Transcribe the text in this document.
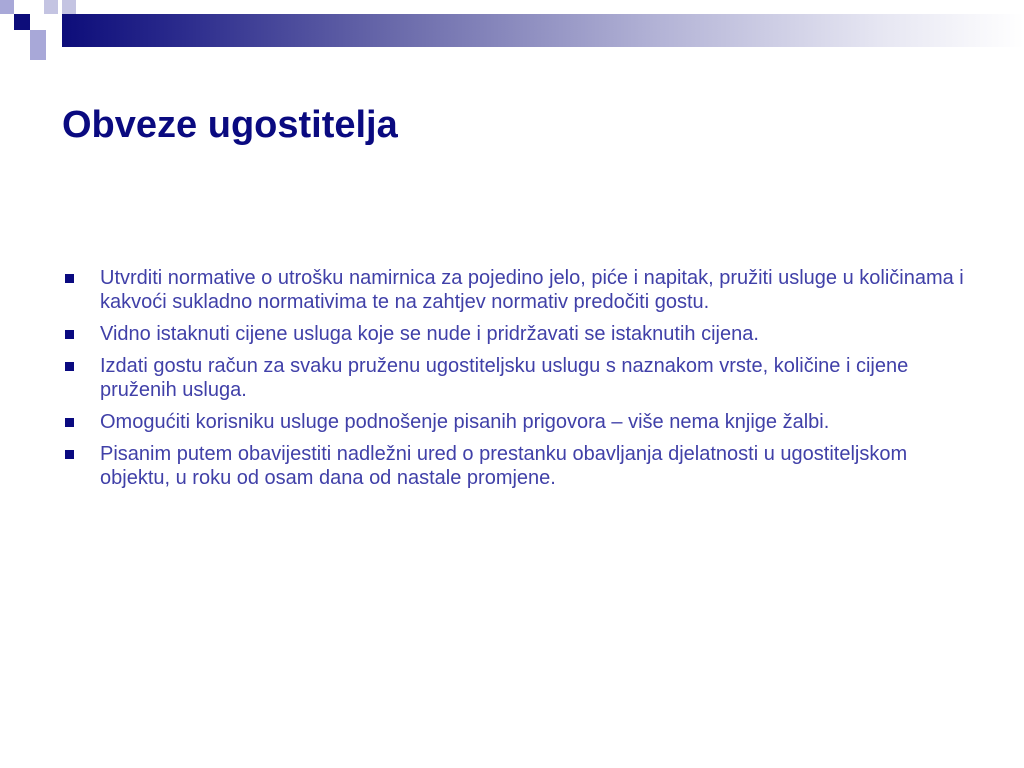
Obveze ugostitelja
Utvrditi normative o utrošku namirnica za pojedino jelo, piće i napitak, pružiti usluge u količinama i kakvoći sukladno normativima te na zahtjev normativ predočiti gostu.
Vidno istaknuti cijene usluga koje se nude i pridržavati se istaknutih cijena.
Izdati gostu račun za svaku pruženu ugostiteljsku uslugu s naznakom vrste, količine i cijene pruženih usluga.
Omogućiti korisniku usluge podnošenje pisanih prigovora – više nema knjige žalbi.
Pisanim putem obavijestiti nadležni ured o prestanku obavljanja djelatnosti u ugostiteljskom objektu, u roku od osam dana od nastale promjene.
